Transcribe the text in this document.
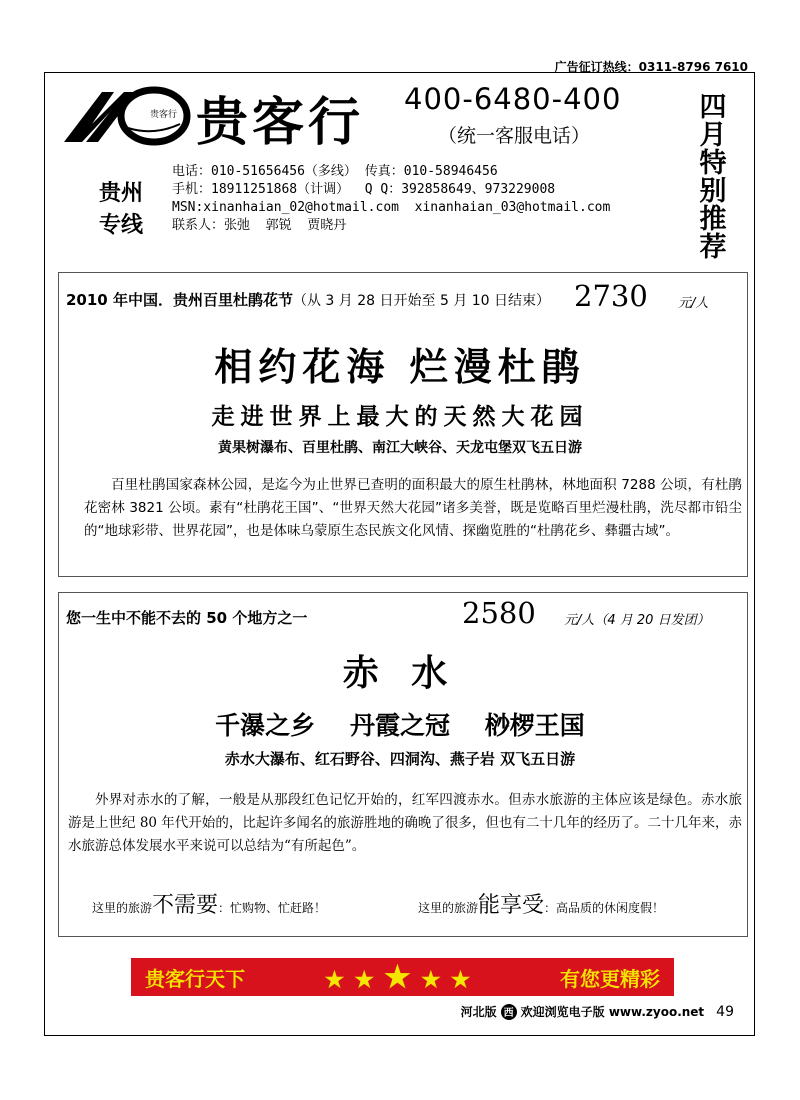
广告征订热线：0311-8796 7610
贵客行 贵客行 400-6480-400
（统一客服电话）
四
月
特
别
推
荐
贵州
专线
电话：010-51656456（多线） 传真：010-58946456
手机：18911251868（计调）  Q Q：392858649、973229008
MSN:xinanhaian_02@hotmail.com  xinanhaian_03@hotmail.com
联系人：张弛  郭锐  贾晓丹
2010 年中国．贵州百里杜鹃花节（从 3 月 28 日开始至 5 月 10 日结束） 2730 元/人
相约花海 烂漫杜鹃
走进世界上最大的天然大花园
黄果树瀑布、百里杜鹃、南江大峡谷、天龙屯堡双飞五日游
百里杜鹃国家森林公园，是迄今为止世界已查明的面积最大的原生杜鹃林，林地面积 7288 公顷，有杜鹃花密林 3821 公顷。素有“杜鹃花王国”、“世界天然大花园”诸多美誉，既是览略百里烂漫杜鹃，洗尽都市铅尘的“地球彩带、世界花园”，也是体味乌蒙原生态民族文化风情、探幽览胜的“杜鹃花乡、彝疆古域”。
您一生中不能不去的 50 个地方之一	2580 元/人（4 月 20 日发团）
赤 水
千瀑之乡    丹霞之冠    桫椤王国
赤水大瀑布、红石野谷、四洞沟、燕子岩 双飞五日游
外界对赤水的了解，一般是从那段红色记忆开始的，红军四渡赤水。但赤水旅游的主体应该是绿色。赤水旅游是上世纪 80 年代开始的，比起许多闻名的旅游胜地的确晚了很多，但也有二十几年的经历了。二十几年来，赤水旅游总体发展水平来说可以总结为“有所起色”。
这里的旅游不需要：忙购物、忙赶路！	这里的旅游能享受：高品质的休闲度假！
贵客行天下	★★★★★	有您更精彩
河北版 西 欢迎浏览电子版 www.zyoo.net 49
